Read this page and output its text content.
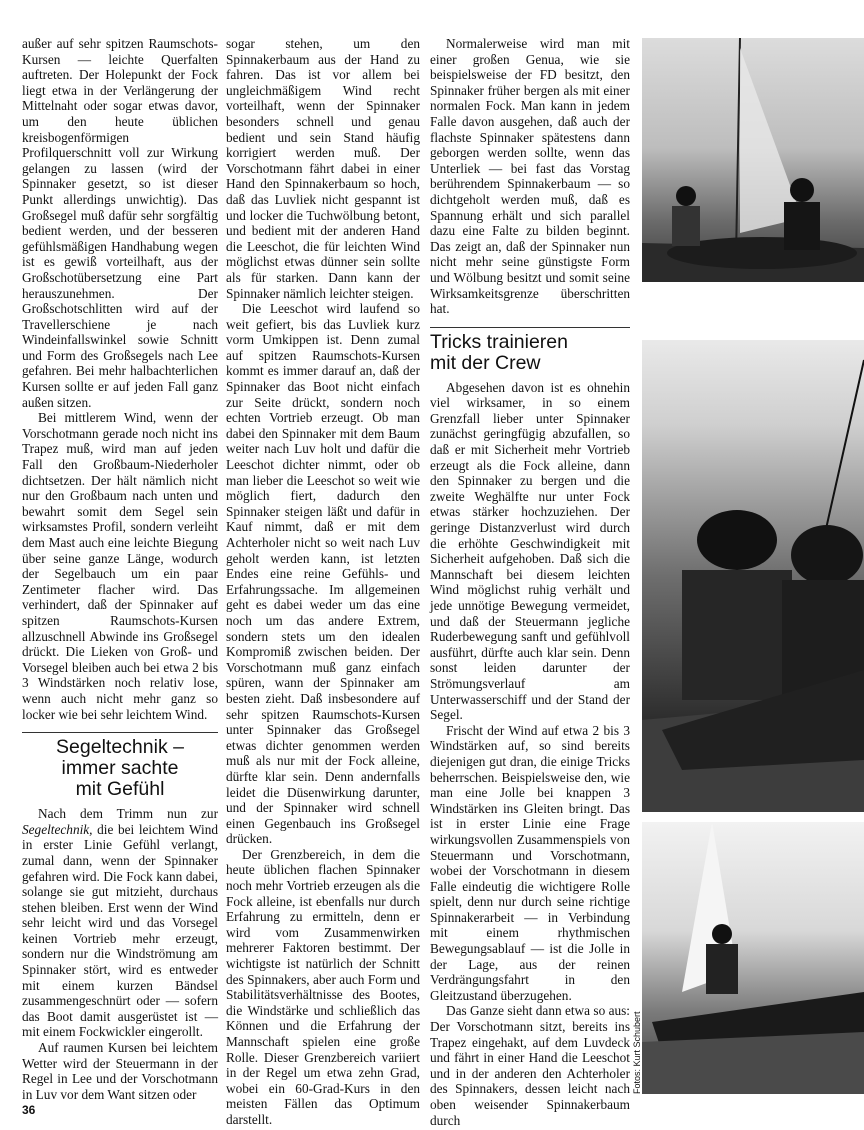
außer auf sehr spitzen Raumschots-Kursen — leichte Querfalten auftreten. Der Holepunkt der Fock liegt etwa in der Verlängerung der Mittelnaht oder sogar etwas davor, um den heute üblichen kreisbogenförmigen Profilquerschnitt voll zur Wirkung gelangen zu lassen (wird der Spinnaker gesetzt, so ist dieser Punkt allerdings unwichtig). Das Großsegel muß dafür sehr sorgfältig bedient werden, und der besseren gefühlsmäßigen Handhabung wegen ist es gewiß vorteilhaft, aus der Großschotübersetzung eine Part herauszunehmen. Der Großschotschlitten wird auf der Travellerschiene je nach Windeinfallswinkel sowie Schnitt und Form des Großsegels nach Lee gefahren. Bei mehr halbachterlichen Kursen sollte er auf jeden Fall ganz außen sitzen.

Bei mittlerem Wind, wenn der Vorschotmann gerade noch nicht ins Trapez muß, wird man auf jeden Fall den Großbaum-Niederholer dichtsetzen. Der hält nämlich nicht nur den Großbaum nach unten und bewahrt somit dem Segel sein wirksamstes Profil, sondern verleiht dem Mast auch eine leichte Biegung über seine ganze Länge, wodurch der Segelbauch um ein paar Zentimeter flacher wird. Das verhindert, daß der Spinnaker auf spitzen Raumschots-Kursen allzuschnell Abwinde ins Großsegel drückt. Die Lieken von Groß- und Vorsegel bleiben auch bei etwa 2 bis 3 Windstärken noch relativ lose, wenn auch nicht mehr ganz so locker wie bei sehr leichtem Wind.

Segeltechnik –
immer sachte
mit Gefühl

Nach dem Trimm nun zur Segeltechnik, die bei leichtem Wind in erster Linie Gefühl verlangt, zumal dann, wenn der Spinnaker gefahren wird. Die Fock kann dabei, solange sie gut mitzieht, durchaus stehen bleiben. Erst wenn der Wind sehr leicht wird und das Vorsegel keinen Vortrieb mehr erzeugt, sondern nur die Windströmung am Spinnaker stört, wird es entweder mit einem kurzen Bändsel zusammengeschnürt oder — sofern das Boot damit ausgerüstet ist — mit einem Fockwickler eingerollt.

Auf raumen Kursen bei leichtem Wetter wird der Steuermann in der Regel in Lee und der Vorschotmann in Luv vor dem Want sitzen oder

sogar stehen, um den Spinnakerbaum aus der Hand zu fahren. Das ist vor allem bei ungleichmäßigem Wind recht vorteilhaft, wenn der Spinnaker besonders schnell und genau bedient und sein Stand häufig korrigiert werden muß. Der Vorschotmann fährt dabei in einer Hand den Spinnakerbaum so hoch, daß das Luvliek nicht gespannt ist und locker die Tuchwölbung betont, und bedient mit der anderen Hand die Leeschot, die für leichten Wind möglichst etwas dünner sein sollte als für starken. Dann kann der Spinnaker nämlich leichter steigen.

Die Leeschot wird laufend so weit gefiert, bis das Luvliek kurz vorm Umkippen ist. Denn zumal auf spitzen Raumschots-Kursen kommt es immer darauf an, daß der Spinnaker das Boot nicht einfach zur Seite drückt, sondern noch echten Vortrieb erzeugt. Ob man dabei den Spinnaker mit dem Baum weiter nach Luv holt und dafür die Leeschot dichter nimmt, oder ob man lieber die Leeschot so weit wie möglich fiert, dadurch den Spinnaker steigen läßt und dafür in Kauf nimmt, daß er mit dem Achterholer nicht so weit nach Luv geholt werden kann, ist letzten Endes eine reine Gefühls- und Erfahrungssache. Im allgemeinen geht es dabei weder um das eine noch um das andere Extrem, sondern stets um den idealen Kompromiß zwischen beiden. Der Vorschotmann muß ganz einfach spüren, wann der Spinnaker am besten zieht. Daß insbesondere auf sehr spitzen Raumschots-Kursen unter Spinnaker das Großsegel etwas dichter genommen werden muß als nur mit der Fock alleine, dürfte klar sein. Denn andernfalls leidet die Düsenwirkung darunter, und der Spinnaker wird schnell einen Gegenbauch ins Großsegel drücken.

Der Grenzbereich, in dem die heute üblichen flachen Spinnaker noch mehr Vortrieb erzeugen als die Fock alleine, ist ebenfalls nur durch Erfahrung zu ermitteln, denn er wird vom Zusammenwirken mehrerer Faktoren bestimmt. Der wichtigste ist natürlich der Schnitt des Spinnakers, aber auch Form und Stabilitätsverhältnisse des Bootes, die Windstärke und schließlich das Können und die Erfahrung der Mannschaft spielen eine große Rolle. Dieser Grenzbereich variiert in der Regel um etwa zehn Grad, wobei ein 60-Grad-Kurs in den meisten Fällen das Optimum darstellt.

Normalerweise wird man mit einer großen Genua, wie sie beispielsweise der FD besitzt, den Spinnaker früher bergen als mit einer normalen Fock. Man kann in jedem Falle davon ausgehen, daß auch der flachste Spinnaker spätestens dann geborgen werden sollte, wenn das Unterliek — bei fast das Vorstag berührendem Spinnakerbaum — so dichtgeholt werden muß, daß es Spannung erhält und sich parallel dazu eine Falte zu bilden beginnt. Das zeigt an, daß der Spinnaker nun nicht mehr seine günstigste Form und Wölbung besitzt und somit seine Wirksamkeitsgrenze überschritten hat.

Tricks trainieren
mit der Crew

Abgesehen davon ist es ohnehin viel wirksamer, in so einem Grenzfall lieber unter Spinnaker zunächst geringfügig abzufallen, so daß er mit Sicherheit mehr Vortrieb erzeugt als die Fock alleine, dann den Spinnaker zu bergen und die zweite Weghälfte nur unter Fock etwas stärker hochzuziehen. Der geringe Distanzverlust wird durch die erhöhte Geschwindigkeit mit Sicherheit aufgehoben. Daß sich die Mannschaft bei diesem leichten Wind möglichst ruhig verhält und jede unnötige Bewegung vermeidet, und daß der Steuermann jegliche Ruderbewegung sanft und gefühlvoll ausführt, dürfte auch klar sein. Denn sonst leiden darunter der Strömungsverlauf am Unterwasserschiff und der Stand der Segel.

Frischt der Wind auf etwa 2 bis 3 Windstärken auf, so sind bereits diejenigen gut dran, die einige Tricks beherrschen. Beispielsweise den, wie man eine Jolle bei knappen 3 Windstärken ins Gleiten bringt. Das ist in erster Linie eine Frage wirkungsvollen Zusammenspiels von Steuermann und Vorschotmann, wobei der Vorschotmann in diesem Falle eindeutig die wichtigere Rolle spielt, denn nur durch seine richtige Spinnakerarbeit — in Verbindung mit einem rhythmischen Bewegungsablauf — ist die Jolle in der Lage, aus der reinen Verdrängungsfahrt in den Gleitzustand überzugehen.

Das Ganze sieht dann etwa so aus: Der Vorschotmann sitzt, bereits ins Trapez eingehakt, auf dem Luvdeck und fährt in einer Hand die Leeschot und in der anderen den Achterholer des Spinnakers, dessen leicht nach oben weisender Spinnakerbaum durch

Fotos: Kurt Schubert
36
